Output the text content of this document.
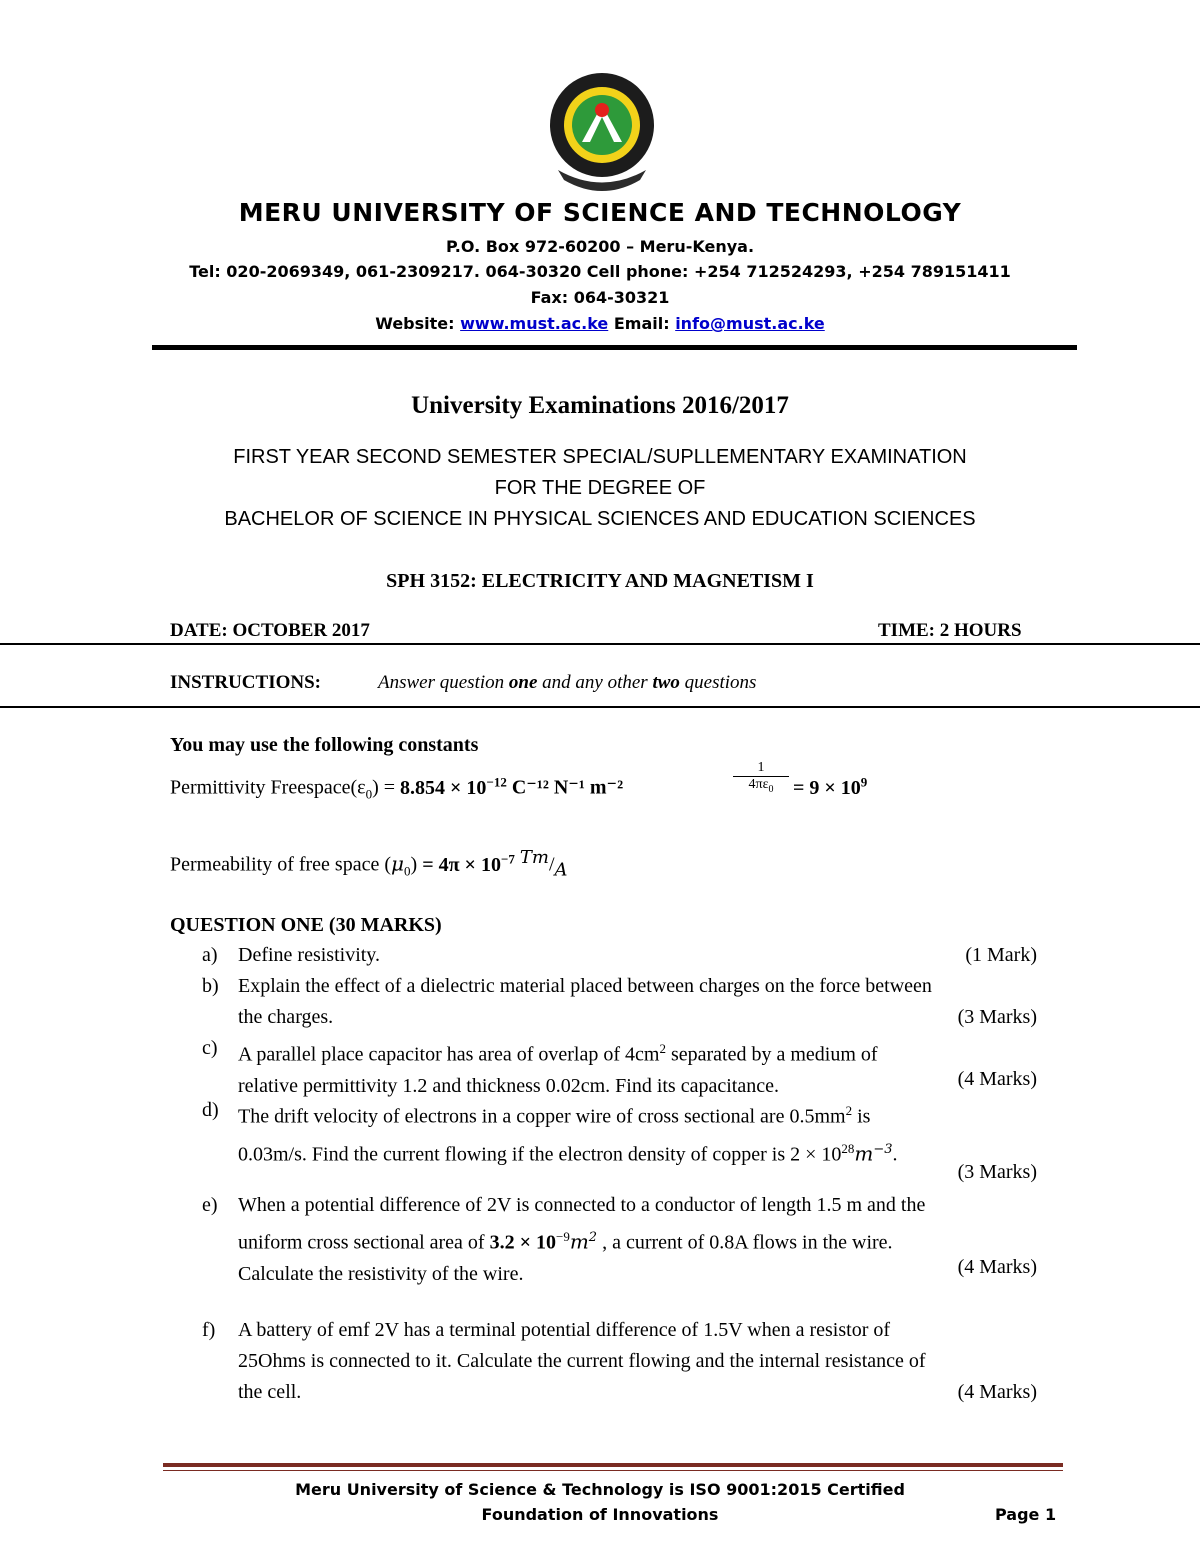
MERU UNIVERSITY OF SCIENCE AND TECHNOLOGY
P.O. Box 972-60200 – Meru-Kenya.
Tel: 020-2069349, 061-2309217. 064-30320 Cell phone: +254 712524293, +254 789151411
Fax: 064-30321
Website: www.must.ac.ke Email: info@must.ac.ke
University Examinations 2016/2017
FIRST YEAR SECOND SEMESTER SPECIAL/SUPLLEMENTARY EXAMINATION
FOR THE DEGREE OF
BACHELOR OF SCIENCE IN PHYSICAL SCIENCES AND EDUCATION SCIENCES
SPH 3152: ELECTRICITY AND MAGNETISM I
DATE: OCTOBER 2017	TIME: 2 HOURS
INSTRUCTIONS:	Answer question one and any other two questions
You may use the following constants
Permittivity $Freespace(\varepsilon_0) = 8.854 \times 10^{-12}$ C⁻¹² N⁻¹ m⁻²
1
$4\pi\varepsilon_0 = 9 \times 10^9$
Permeability of free space $(\mu_0) = 4\pi \times 10^{-7}$ $^{Tm}/_A$
QUESTION ONE (30 MARKS)
a) Define resistivity.	(1 Mark)
b) Explain the effect of a dielectric material placed between charges on the force between
the charges.	(3 Marks)
c) A parallel place capacitor has area of overlap of $4cm^2$ separated by a medium of
relative permittivity 1.2 and thickness 0.02cm. Find its capacitance.	(4 Marks)
d) The drift velocity of electrons in a copper wire of cross sectional are $0.5mm^2$ is
0.03m/s. Find the current flowing if the electron density of copper is $2 \times 10^{28}m^{-3}$.
(3 Marks)
e) When a potential difference of 2V is connected to a conductor of length 1.5 m and the
uniform cross sectional area of $3.2 \times 10^{-9}m^2$ , a current of 0.8A flows in the wire.
Calculate the resistivity of the wire.	(4 Marks)
f) A battery of emf 2V has a terminal potential difference of 1.5V when a resistor of
25Ohms is connected to it. Calculate the current flowing and the internal resistance of
the cell.	(4 Marks)
Meru University of Science & Technology is ISO 9001:2015 Certified
Foundation of Innovations	Page 1
